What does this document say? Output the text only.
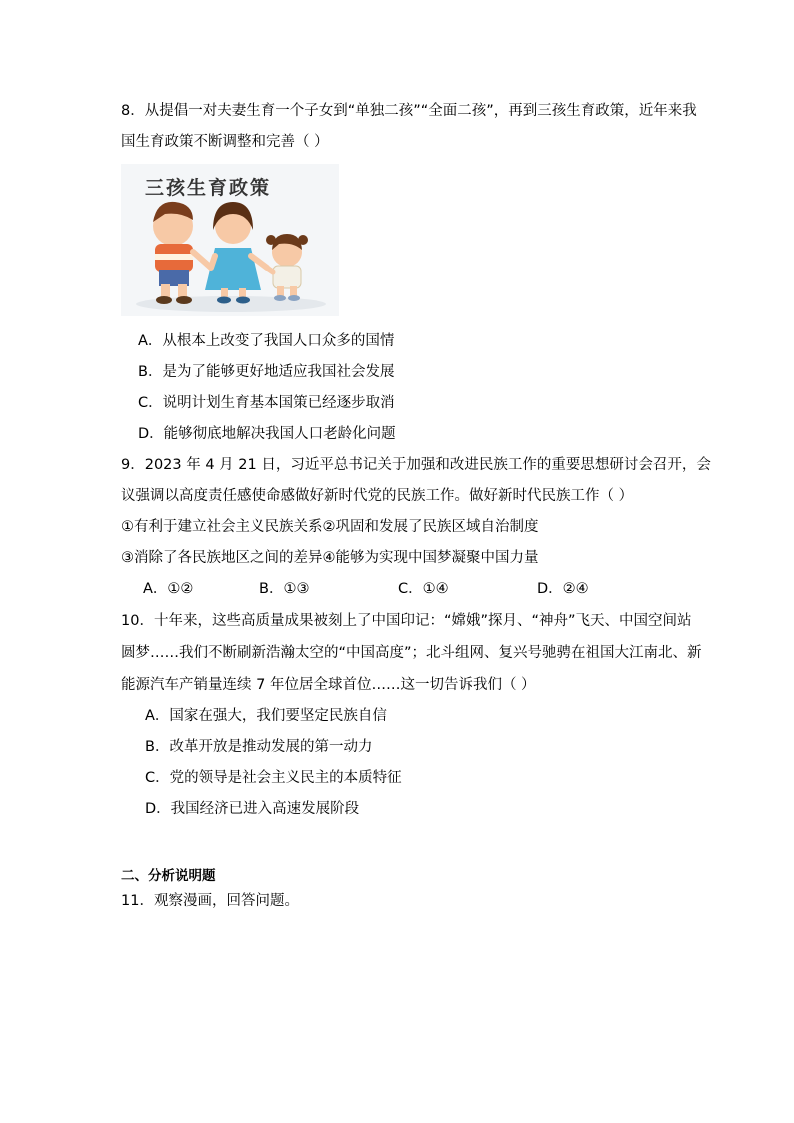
8．从提倡一对夫妻生育一个子女到“单独二孩”“全面二孩”，再到三孩生育政策，近年来我
国生育政策不断调整和完善（ ）
三孩生育政策
A．从根本上改变了我国人口众多的国情
B．是为了能够更好地适应我国社会发展
C．说明计划生育基本国策已经逐步取消
D．能够彻底地解决我国人口老龄化问题
9．2023 年 4 月 21 日，习近平总书记关于加强和改进民族工作的重要思想研讨会召开，会
议强调以高度责任感使命感做好新时代党的民族工作。做好新时代民族工作（ ）
①有利于建立社会主义民族关系②巩固和发展了民族区域自治制度
③消除了各民族地区之间的差异④能够为实现中国梦凝聚中国力量
A．①②	B．①③	C．①④	D．②④
10．十年来，这些高质量成果被刻上了中国印记：“嫦娥”探月、“神舟”飞天、中国空间站
圆梦……我们不断刷新浩瀚太空的“中国高度”；北斗组网、复兴号驰骋在祖国大江南北、新
能源汽车产销量连续 7 年位居全球首位……这一切告诉我们（ ）
A．国家在强大，我们要坚定民族自信
B．改革开放是推动发展的第一动力
C．党的领导是社会主义民主的本质特征
D．我国经济已进入高速发展阶段
二、分析说明题
11．观察漫画，回答问题。
